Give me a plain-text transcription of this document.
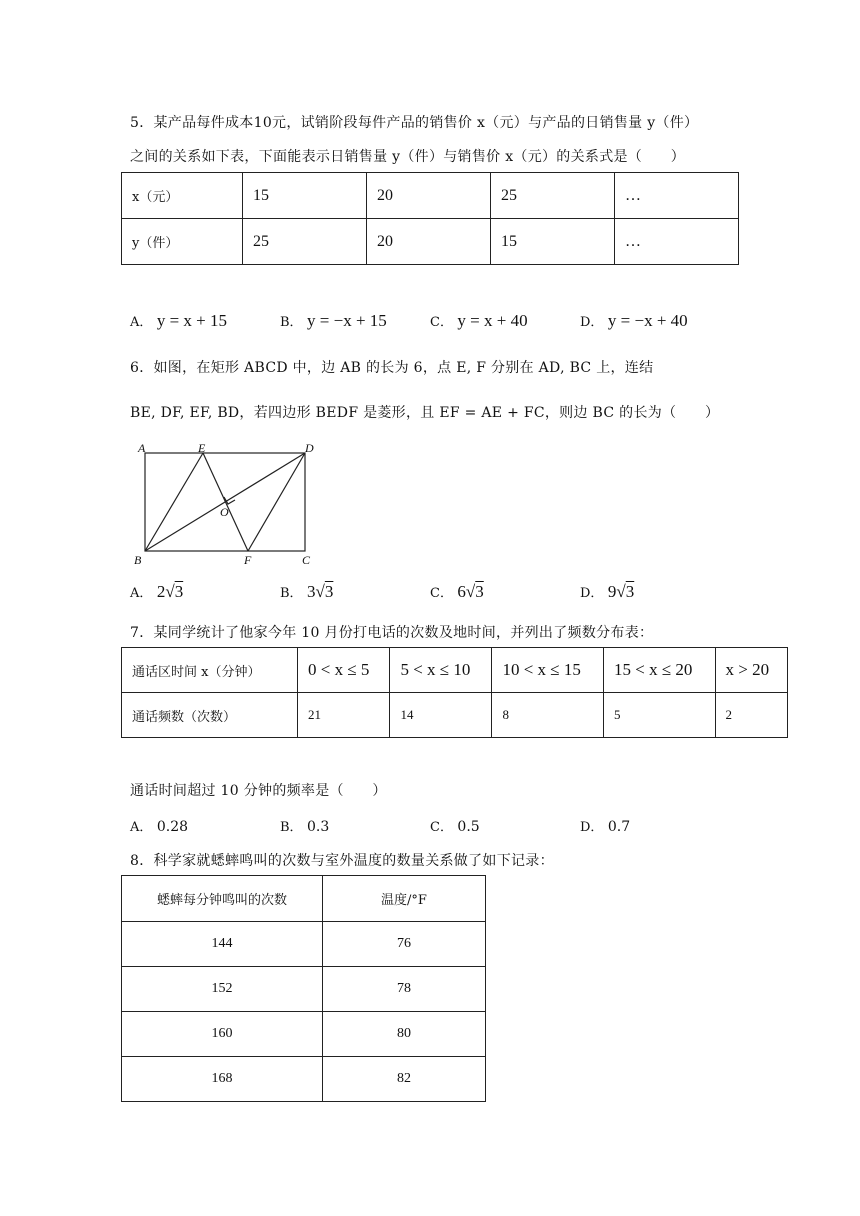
5．某产品每件成本10元，试销阶段每件产品的销售价 x（元）与产品的日销售量 y（件）
之间的关系如下表，下面能表示日销售量 y（件）与销售价 x（元）的关系式是（　　）
x（元）	15	20	25	…
y（件）	25	20	15	…
A． y = x + 15	B． y = −x + 15	C． y = x + 40	D． y = −x + 40
6．如图，在矩形 ABCD 中，边 AB 的长为 6，点 E, F 分别在 AD, BC 上，连结
BE, DF, EF, BD，若四边形 BEDF 是菱形，且 EF = AE + FC，则边 BC 的长为（　　）
A	E	D
O
B	F	C
A． 2√3	B． 3√3	C． 6√3	D． 9√3
7．某同学统计了他家今年 10 月份打电话的次数及地时间，并列出了频数分布表：
通话区时间 x（分钟）	0 < x ≤ 5	5 < x ≤ 10	10 < x ≤ 15	15 < x ≤ 20	x > 20
通话频数（次数）	21	14	8	5	2
通话时间超过 10 分钟的频率是（　　）
A． 0.28	B． 0.3	C． 0.5	D． 0.7
8．科学家就蟋蟀鸣叫的次数与室外温度的数量关系做了如下记录：
蟋蟀每分钟鸣叫的次数	温度/°F
144	76
152	78
160	80
168	82
